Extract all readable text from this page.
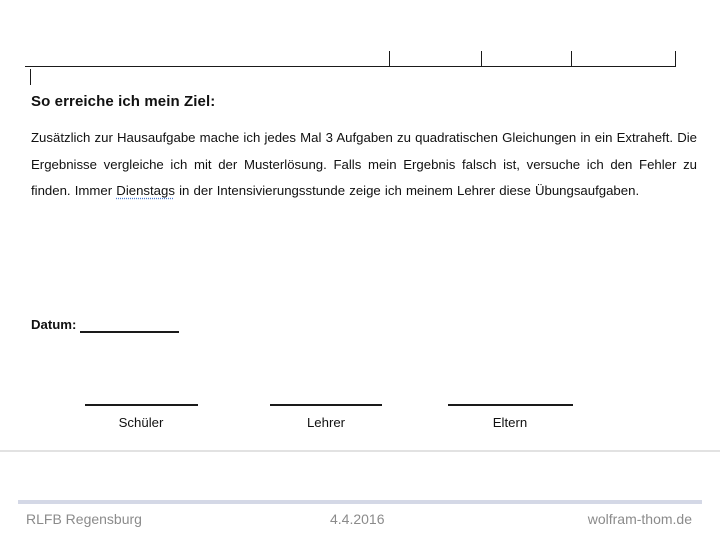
So erreiche ich mein Ziel:
Zusätzlich zur Hausaufgabe mache ich jedes Mal 3 Aufgaben zu quadratischen Gleichungen in ein Extraheft. Die Ergebnisse vergleiche ich mit der Musterlösung. Falls mein Ergebnis falsch ist, versuche ich den Fehler zu finden. Immer Dienstags in der Intensivierungsstunde zeige ich meinem Lehrer diese Übungsaufgaben.
Datum:
Schüler	Lehrer	Eltern
RLFB Regensburg	4.4.2016	wolfram-thom.de
